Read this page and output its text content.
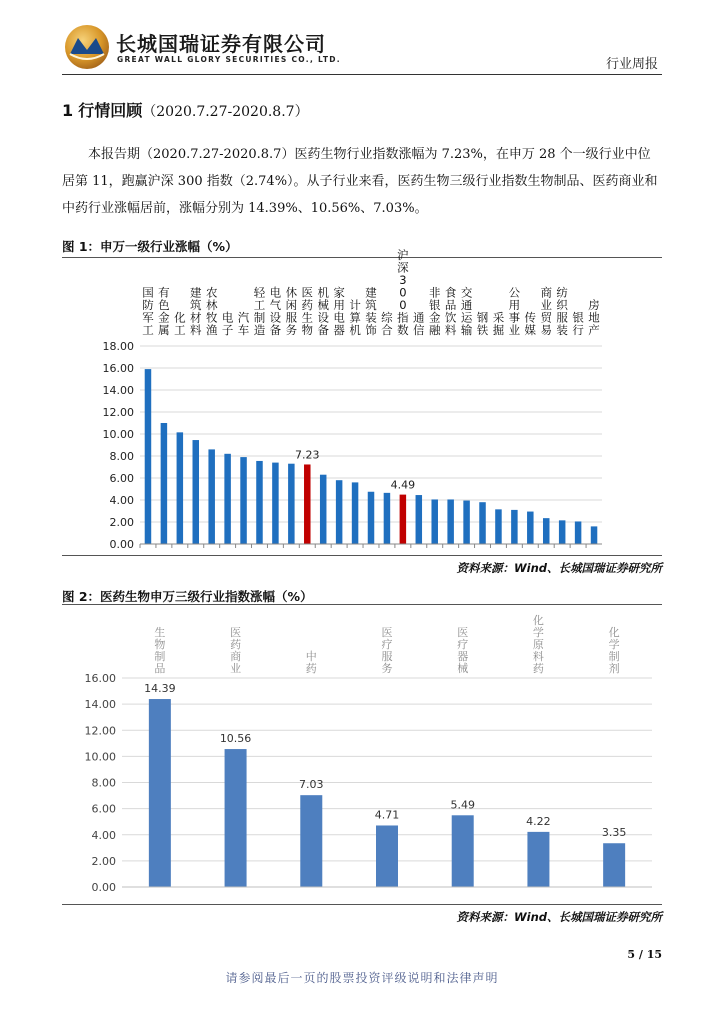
长城国瑞证券有限公司
GREAT WALL GLORY SECURITIES CO., LTD.	行业周报
1 行情回顾（2020.7.27-2020.8.7）

本报告期（2020.7.27-2020.8.7）医药生物行业指数涨幅为 7.23%，在申万 28 个一级行业中位居第 11，跑赢沪深 300 指数（2.74%）。从子行业来看，医药生物三级行业指数生物制品、医药商业和中药行业涨幅居前，涨幅分别为 14.39%、10.56%、7.03%。

图 1：申万一级行业涨幅（%）
0.00
2.00
4.00
6.00
8.00
10.00
12.00
14.00
16.00
18.00
国
防
军
工
有
色
金
属
化
工
建
筑
材
料
农
林
牧
渔
电
子
汽
车
轻
工
制
造
电
气
设
备
休
闲
服
务
医
药
生
物
机
械
设
备
家
用
电
器
计
算
机
建
筑
装
饰
综
合
沪
深
3
0
0
指
数
通
信
非
银
金
融
食
品
饮
料
交
通
运
输
钢
铁
采
掘
公
用
事
业
传
媒
商
业
贸
易
纺
织
服
装
银
行
房
地
产
7.23
4.49
资料来源：Wind、长城国瑞证券研究所
图 2：医药生物申万三级行业指数涨幅（%）
0.00
2.00
4.00
6.00
8.00
10.00
12.00
14.00
16.00
14.39
生
物
制
品
10.56
医
药
商
业
7.03
中
药
4.71
医
疗
服
务
5.49
医
疗
器
械
4.22
化
学
原
料
药
3.35
化
学
制
剂
资料来源：Wind、长城国瑞证券研究所
5 / 15
请参阅最后一页的股票投资评级说明和法律声明
